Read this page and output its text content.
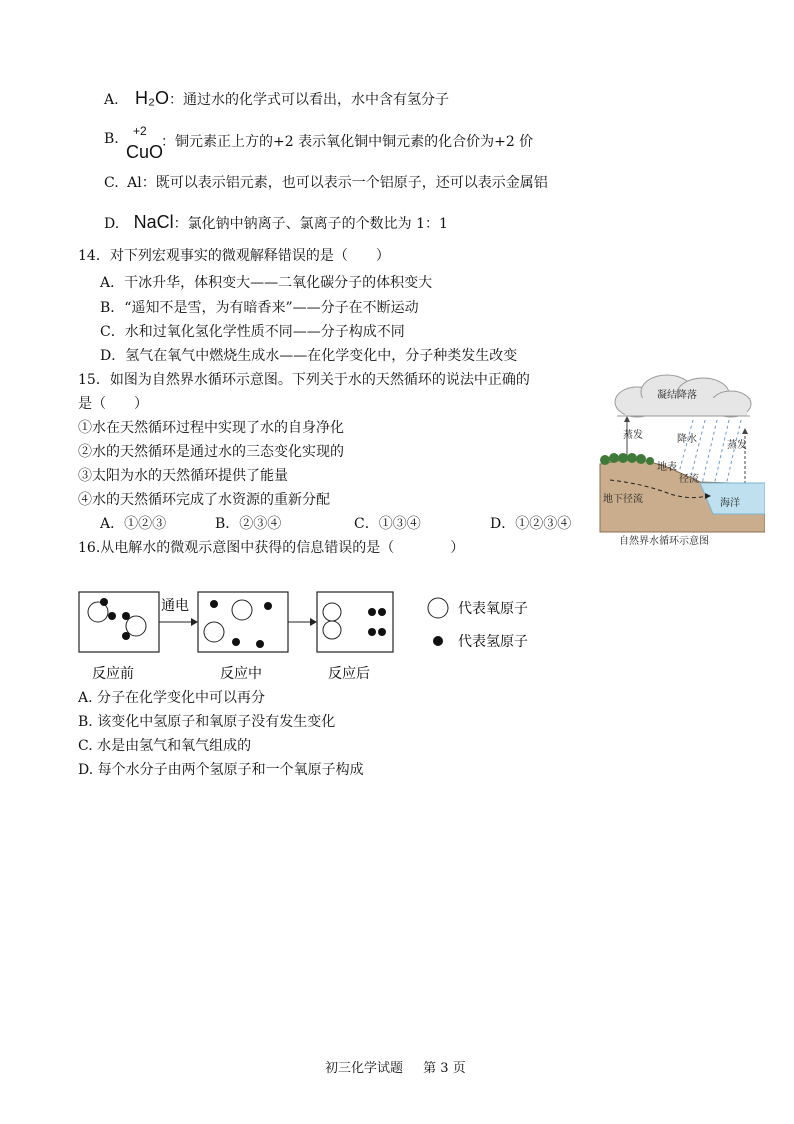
A. H₂O：通过水的化学式可以看出，水中含有氢分子
B. +2
CuO
：铜元素正上方的+2 表示氧化铜中铜元素的化合价为+2 价
C. Al：既可以表示铝元素，也可以表示一个铝原子，还可以表示金属铝
D. NaCl：氯化钠中钠离子、氯离子的个数比为 1：1
14．对下列宏观事实的微观解释错误的是（　　）
A．干冰升华，体积变大——二氧化碳分子的体积变大
B．“遥知不是雪，为有暗香来”——分子在不断运动
C．水和过氧化氢化学性质不同——分子构成不同
D．氢气在氧气中燃烧生成水——在化学变化中，分子种类发生改变
15．如图为自然界水循环示意图。下列关于水的天然循环的说法中正确的
是（　　）
①水在天然循环过程中实现了水的自身净化
②水的天然循环是通过水的三态变化实现的
③太阳为水的天然循环提供了能量
④水的天然循环完成了水资源的重新分配
A．①②③	B．②③④	C．①③④	D．①②③④
凝结降落
蒸发	降水
蒸发
海洋
地表
径流
地下径流
自然界水循环示意图
16.从电解水的微观示意图中获得的信息错误的是（　　　　）
通电
反应前	反应中	反应后
代表氧原子
代表氢原子
A. 分子在化学变化中可以再分
B. 该变化中氢原子和氧原子没有发生变化
C. 水是由氢气和氧气组成的
D. 每个水分子由两个氢原子和一个氧原子构成
初三化学试题 第 3 页
